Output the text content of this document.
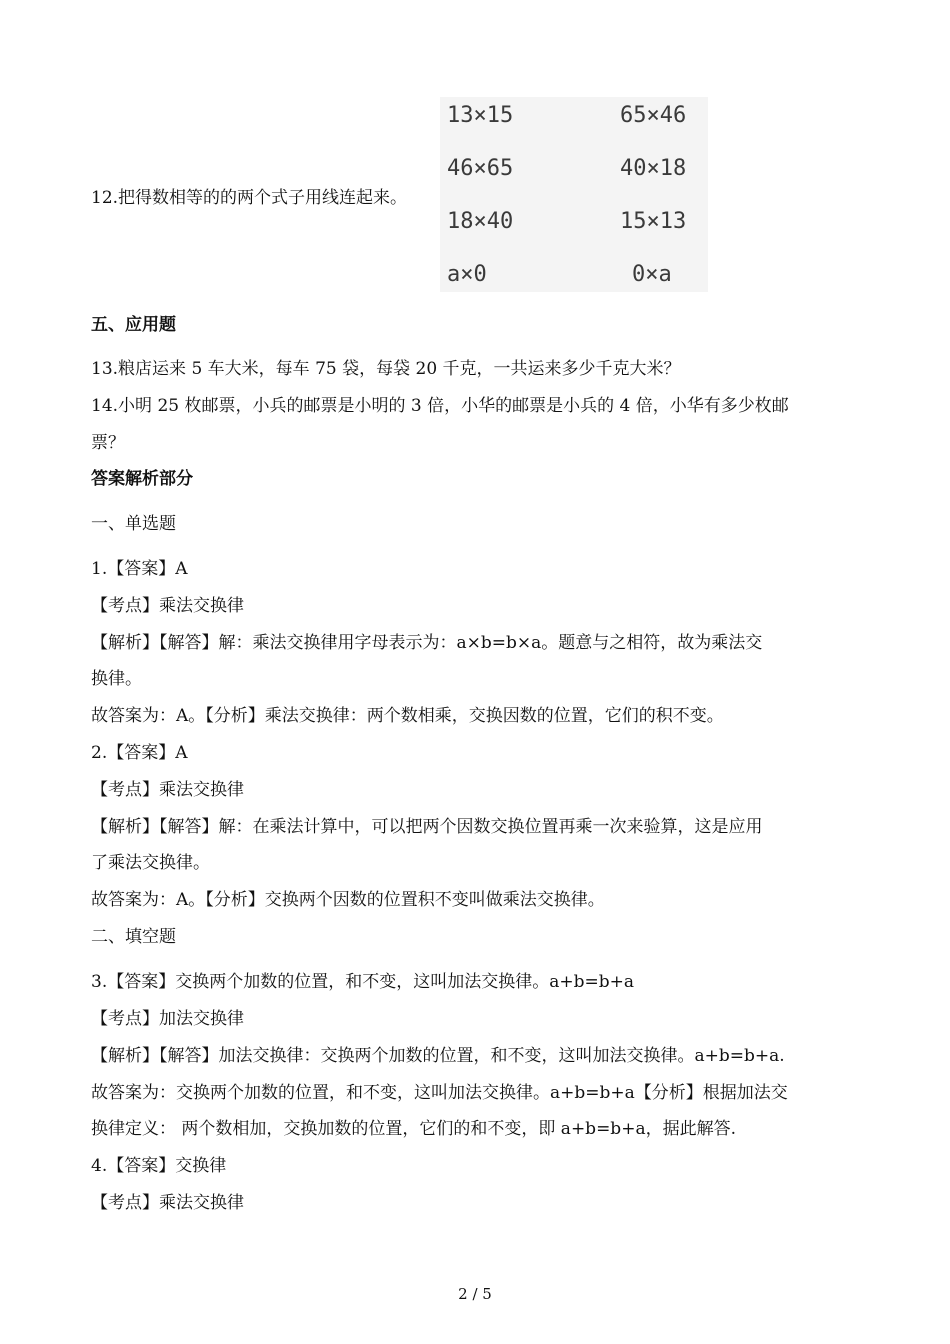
12.把得数相等的的两个式子用线连起来。
13×15
46×65
18×40
a×0
65×46
40×18
15×13
0×a
五、应用题
13.粮店运来 5 车大米，每车 75 袋，每袋 20 千克，一共运来多少千克大米？
14.小明 25 枚邮票，小兵的邮票是小明的 3 倍，小华的邮票是小兵的 4 倍，小华有多少枚邮
票？
答案解析部分
一、单选题
1.【答案】A
【考点】乘法交换律
【解析】【解答】解：乘法交换律用字母表示为：a×b=b×a。题意与之相符，故为乘法交
换律。
故答案为：A。【分析】乘法交换律：两个数相乘，交换因数的位置，它们的积不变。
2.【答案】A
【考点】乘法交换律
【解析】【解答】解：在乘法计算中，可以把两个因数交换位置再乘一次来验算，这是应用
了乘法交换律。
故答案为：A。【分析】交换两个因数的位置积不变叫做乘法交换律。
二、填空题
3.【答案】交换两个加数的位置，和不变，这叫加法交换律。a+b=b+a
【考点】加法交换律
【解析】【解答】加法交换律：交换两个加数的位置，和不变，这叫加法交换律。a+b=b+a.
故答案为：交换两个加数的位置，和不变，这叫加法交换律。a+b=b+a【分析】根据加法交
换律定义： 两个数相加，交换加数的位置，它们的和不变，即 a+b=b+a，据此解答.
4.【答案】交换律
【考点】乘法交换律
2 / 5
